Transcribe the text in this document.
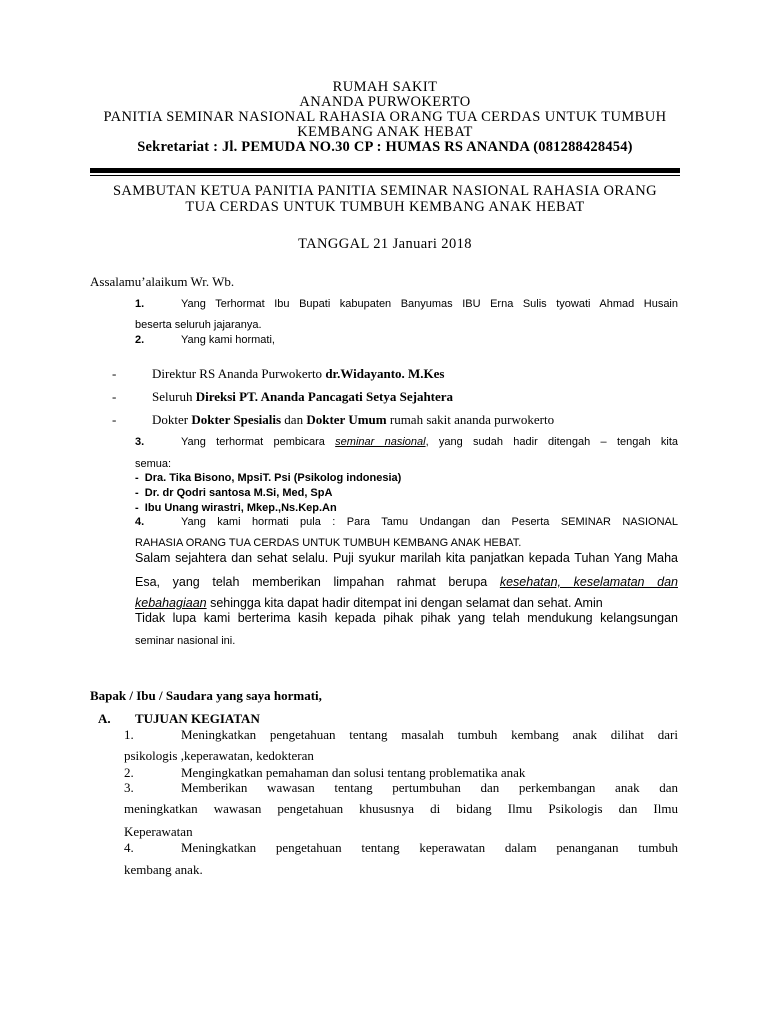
RUMAH SAKIT
ANANDA PURWOKERTO
PANITIA SEMINAR NASIONAL RAHASIA ORANG TUA CERDAS UNTUK TUMBUH
KEMBANG ANAK HEBAT
Sekretariat : Jl. PEMUDA NO.30 CP : HUMAS RS ANANDA (081288428454)
SAMBUTAN KETUA PANITIA PANITIA SEMINAR NASIONAL RAHASIA ORANG
TUA CERDAS UNTUK TUMBUH KEMBANG ANAK HEBAT
TANGGAL 21 Januari 2018
Assalamu’alaikum Wr. Wb.
1.	Yang Terhormat Ibu Bupati kabupaten Banyumas IBU Erna Sulis tyowati Ahmad Husain
beserta seluruh jajaranya.
2.	Yang kami hormati,
-	Direktur RS Ananda Purwokerto dr.Widayanto. M.Kes
-	Seluruh Direksi PT. Ananda Pancagati Setya Sejahtera
-	Dokter Dokter Spesialis dan Dokter Umum rumah sakit ananda purwokerto
3.	Yang terhormat pembicara seminar nasional, yang sudah hadir ditengah – tengah kita
semua:
- Dra. Tika Bisono, MpsiT. Psi (Psikolog indonesia)
- Dr. dr Qodri santosa M.Si, Med, SpA
- Ibu Unang wirastri, Mkep.,Ns.Kep.An
4.	Yang kami hormati pula : Para Tamu Undangan dan Peserta SEMINAR NASIONAL
RAHASIA ORANG TUA CERDAS UNTUK TUMBUH KEMBANG ANAK HEBAT.
Salam sejahtera dan sehat selalu. Puji syukur marilah kita panjatkan kepada Tuhan Yang Maha
Esa, yang telah memberikan limpahan rahmat berupa kesehatan, keselamatan dan
kebahagiaan sehingga kita dapat hadir ditempat ini dengan selamat dan sehat. Amin
Tidak lupa kami berterima kasih kepada pihak pihak yang telah mendukung kelangsungan
seminar nasional ini.
Bapak / Ibu / Saudara yang saya hormati,
A. TUJUAN KEGIATAN
1.	Meningkatkan pengetahuan tentang masalah tumbuh kembang anak dilihat dari
psikologis ,keperawatan, kedokteran
2.	Mengingkatkan pemahaman dan solusi tentang problematika anak
3.	Memberikan wawasan tentang pertumbuhan dan perkembangan anak dan
meningkatkan wawasan pengetahuan khususnya di bidang Ilmu Psikologis dan Ilmu
Keperawatan
4.	Meningkatkan pengetahuan tentang keperawatan dalam penanganan tumbuh
kembang anak.
